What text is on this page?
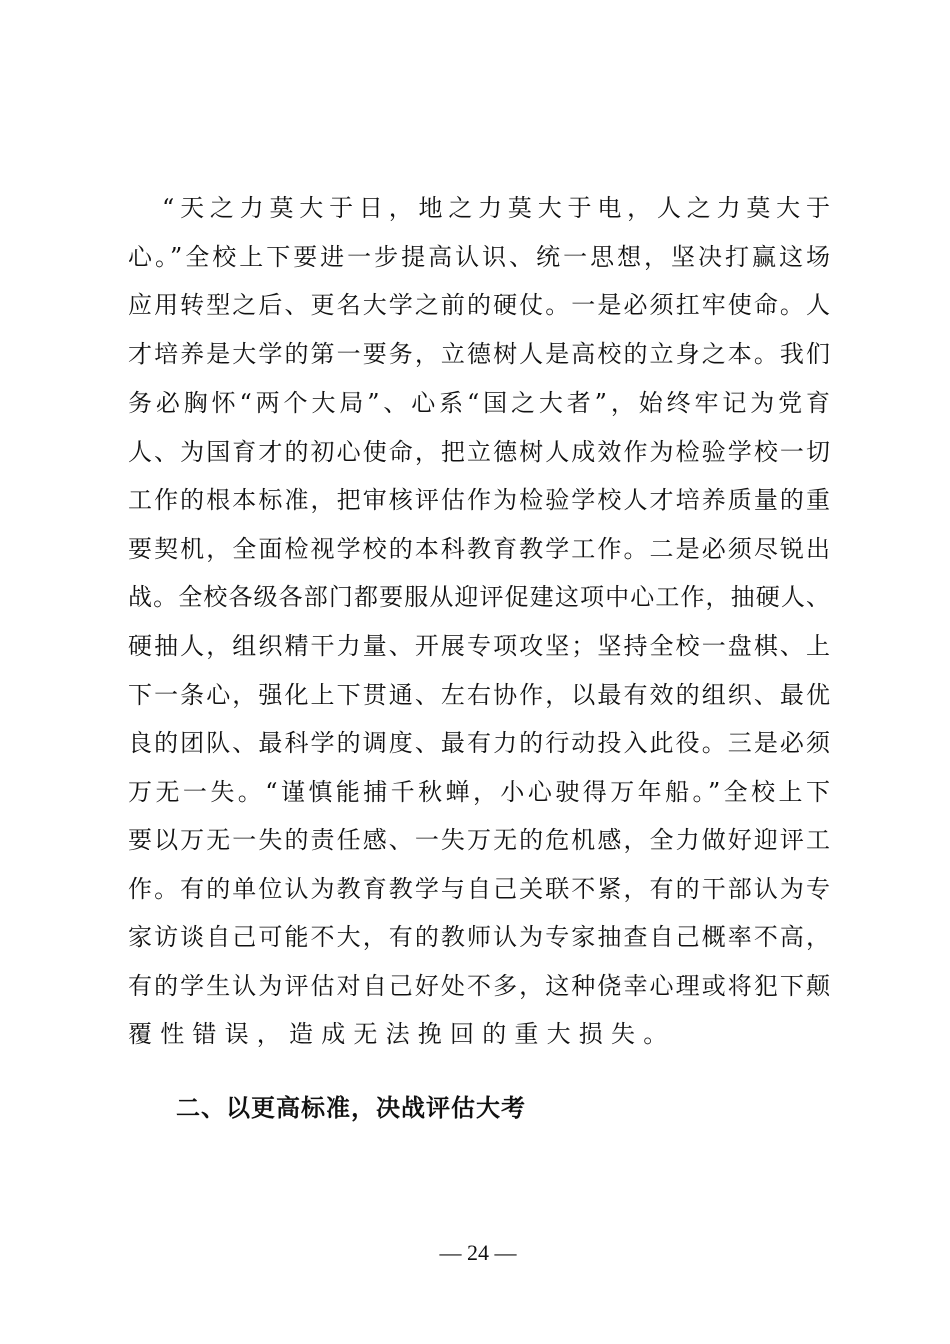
“天之力莫大于日，地之力莫大于电，人之力莫大于
心。”全校上下要进一步提高认识、统一思想，坚决打赢这场
应用转型之后、更名大学之前的硬仗。一是必须扛牢使命。人
才培养是大学的第一要务，立德树人是高校的立身之本。我们
务必胸怀“两个大局”、心系“国之大者”，始终牢记为党育
人、为国育才的初心使命，把立德树人成效作为检验学校一切
工作的根本标准，把审核评估作为检验学校人才培养质量的重
要契机，全面检视学校的本科教育教学工作。二是必须尽锐出
战。全校各级各部门都要服从迎评促建这项中心工作，抽硬人、
硬抽人，组织精干力量、开展专项攻坚；坚持全校一盘棋、上
下一条心，强化上下贯通、左右协作，以最有效的组织、最优
良的团队、最科学的调度、最有力的行动投入此役。三是必须
万无一失。“谨慎能捕千秋蝉，小心驶得万年船。”全校上下
要以万无一失的责任感、一失万无的危机感，全力做好迎评工
作。有的单位认为教育教学与自己关联不紧，有的干部认为专
家访谈自己可能不大，有的教师认为专家抽查自己概率不高，
有的学生认为评估对自己好处不多，这种侥幸心理或将犯下颠
覆性错误，造成无法挽回的重大损失。
二、以更高标准，决战评估大考
— 24 —
